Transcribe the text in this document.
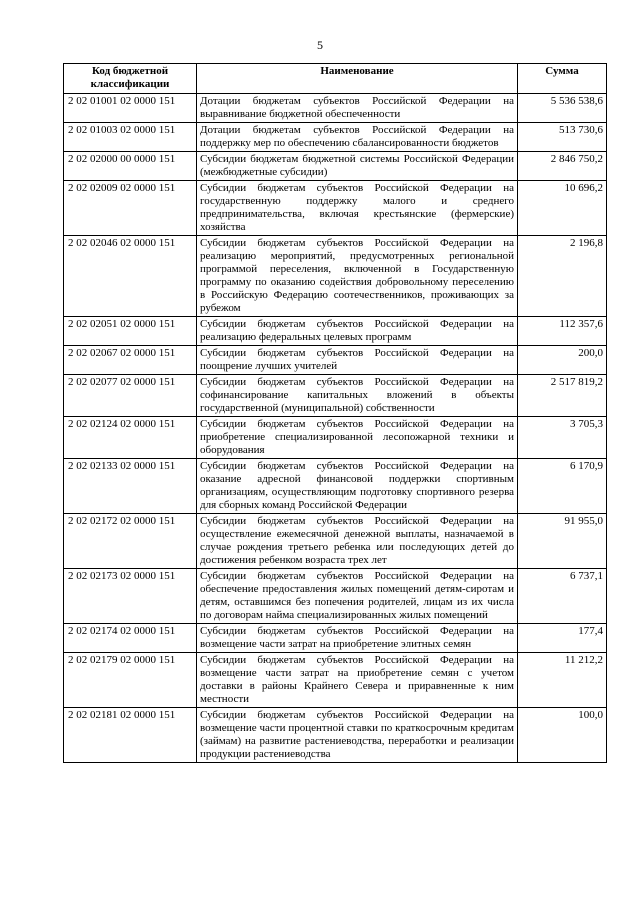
5
Код бюджетной классификации	Наименование	Сумма
2 02 01001 02 0000 151	Дотации бюджетам субъектов Российской Федерации на выравнивание бюджетной обеспеченности	5 536 538,6
2 02 01003 02 0000 151	Дотации бюджетам субъектов Российской Федерации на поддержку мер по обеспечению сбалансированности бюджетов	513 730,6
2 02 02000 00 0000 151	Субсидии бюджетам бюджетной системы Российской Федерации (межбюджетные субсидии)	2 846 750,2
2 02 02009 02 0000 151	Субсидии бюджетам субъектов Российской Федерации на государственную поддержку малого и среднего предпринимательства, включая крестьянские (фермерские) хозяйства	10 696,2
2 02 02046 02 0000 151	Субсидии бюджетам субъектов Российской Федерации на реализацию мероприятий, предусмотренных региональной программой переселения, включенной в Государственную программу по оказанию содействия добровольному переселению в Российскую Федерацию соотечественников, проживающих за рубежом	2 196,8
2 02 02051 02 0000 151	Субсидии бюджетам субъектов Российской Федерации на реализацию федеральных целевых программ	112 357,6
2 02 02067 02 0000 151	Субсидии бюджетам субъектов Российской Федерации на поощрение лучших учителей	200,0
2 02 02077 02 0000 151	Субсидии бюджетам субъектов Российской Федерации на софинансирование капитальных вложений в объекты государственной (муниципальной) собственности	2 517 819,2
2 02 02124 02 0000 151	Субсидии бюджетам субъектов Российской Федерации на приобретение специализированной лесопожарной техники и оборудования	3 705,3
2 02 02133 02 0000 151	Субсидии бюджетам субъектов Российской Федерации на оказание адресной финансовой поддержки спортивным организациям, осуществляющим подготовку спортивного резерва для сборных команд Российской Федерации	6 170,9
2 02 02172 02 0000 151	Субсидии бюджетам субъектов Российской Федерации на осуществление ежемесячной денежной выплаты, назначаемой в случае рождения третьего ребенка или последующих детей до достижения ребенком возраста трех лет	91 955,0
2 02 02173 02 0000 151	Субсидии бюджетам субъектов Российской Федерации на обеспечение предоставления жилых помещений детям-сиротам и детям, оставшимся без попечения родителей, лицам из их числа по договорам найма специализированных жилых помещений	6 737,1
2 02 02174 02 0000 151	Субсидии бюджетам субъектов Российской Федерации на возмещение части затрат на приобретение элитных семян	177,4
2 02 02179 02 0000 151	Субсидии бюджетам субъектов Российской Федерации на возмещение части затрат на приобретение семян с учетом доставки в районы Крайнего Севера и приравненные к ним местности	11 212,2
2 02 02181 02 0000 151	Субсидии бюджетам субъектов Российской Федерации на возмещение части процентной ставки по краткосрочным кредитам (займам) на развитие растениеводства, переработки и реализации продукции растениеводства	100,0
